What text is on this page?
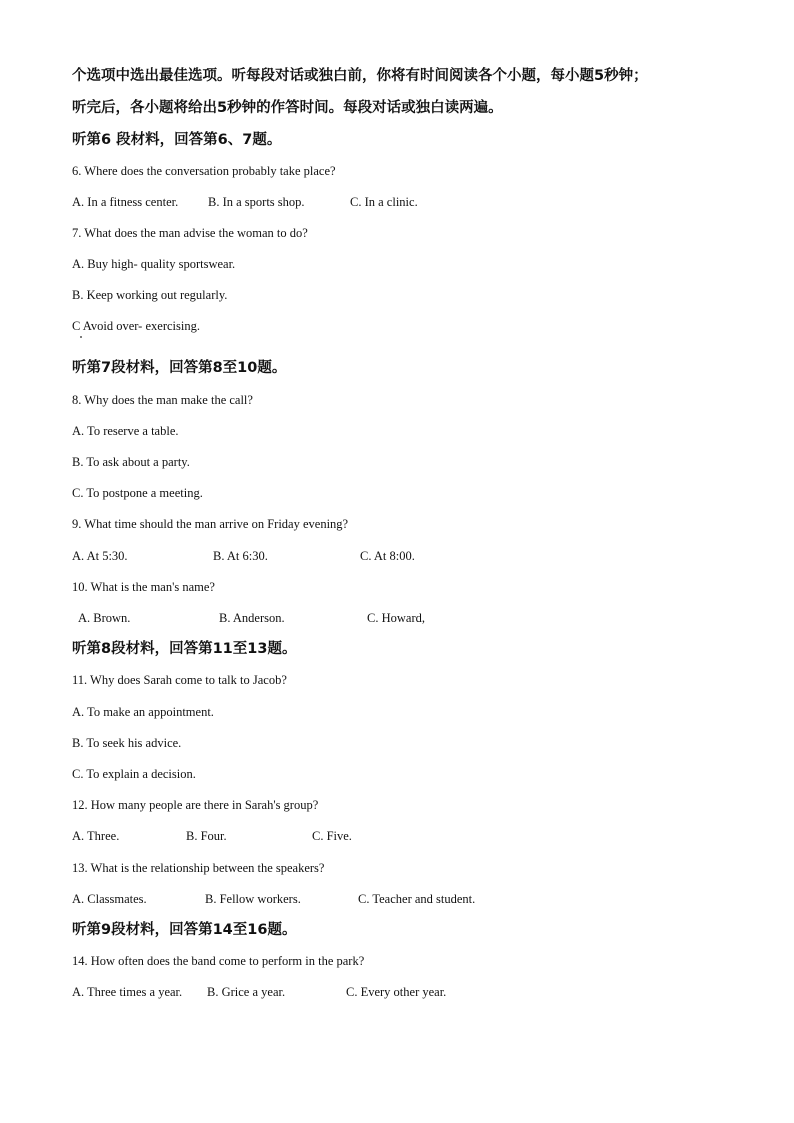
个选项中选出最佳选项。听每段对话或独白前，你将有时间阅读各个小题，每小题5秒钟；
听完后，各小题将给出5秒钟的作答时间。每段对话或独白读两遍。
听第6 段材料，回答第6、7题。
6. Where does the conversation probably take place?
A. In a fitness center. B. In a sports shop.	C. In a clinic.
7. What does the man advise the woman to do?
A. Buy high- quality sportswear.
B. Keep working out regularly.
C Avoid over- exercising.
听第7段材料，回答第8至10题。
8. Why does the man make the call?
A. To reserve a table.
B. To ask about a party.
C. To postpone a meeting.
9. What time should the man arrive on Friday evening?
A. At 5:30.	B. At 6:30.	C. At 8:00.
10. What is the man's name?
A. Brown.	B. Anderson.	C. Howard,
听第8段材料，回答第11至13题。
11. Why does Sarah come to talk to Jacob?
A. To make an appointment.
B. To seek his advice.
C. To explain a decision.
12. How many people are there in Sarah's group?
A. Three.	B. Four.	C. Five.
13. What is the relationship between the speakers?
A. Classmates.	B. Fellow workers.	C. Teacher and student.
听第9段材料，回答第14至16题。
14. How often does the band come to perform in the park?
A. Three times a year. B. Grice a year.	C. Every other year.
